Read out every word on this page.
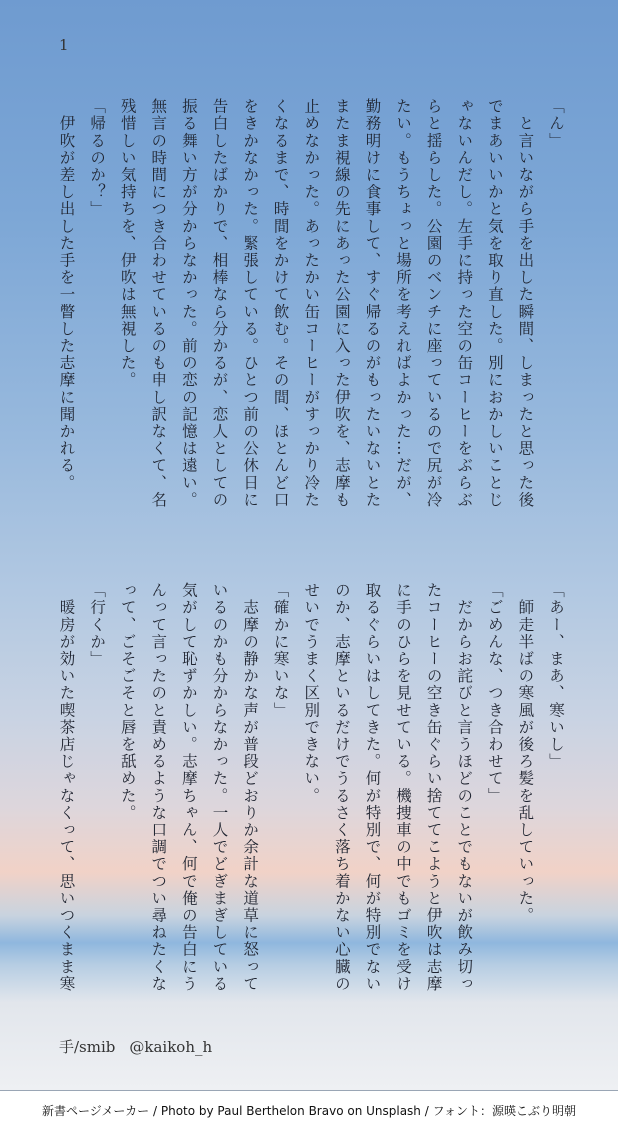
1

「ん」

　と言いながら手を出した瞬間、しまったと思った後

でまあいいかと気を取り直した。別におかしいことじ

ゃないんだし。左手に持った空の缶コーヒーをぶらぶ

らと揺らした。公園のベンチに座っているので尻が冷

たい。もうちょっと場所を考えればよかった…だが、

勤務明けに食事して、すぐ帰るのがもったいないとた

またま視線の先にあった公園に入った伊吹を、志摩も

止めなかった。あったかい缶コーヒーがすっかり冷た

くなるまで、時間をかけて飲む。その間、ほとんど口

をきかなかった。緊張している。ひとつ前の公休日に

告白したばかりで、相棒なら分かるが、恋人としての

振る舞い方が分からなかった。前の恋の記憶は遠い。

無言の時間につき合わせているのも申し訳なくて、名

残惜しい気持ちを、伊吹は無視した。

「帰るのか？」

　伊吹が差し出した手を一瞥した志摩に聞かれる。

「あー、まあ、寒いし」

　師走半ばの寒風が後ろ髪を乱していった。

「ごめんな、つき合わせて」

　だからお詫びと言うほどのことでもないが飲み切っ

たコーヒーの空き缶ぐらい捨ててこようと伊吹は志摩

に手のひらを見せている。機捜車の中でもゴミを受け

取るぐらいはしてきた。何が特別で、何が特別でない

のか、志摩といるだけでうるさく落ち着かない心臓の

せいでうまく区別できない。

「確かに寒いな」

　志摩の静かな声が普段どおりか余計な道草に怒って

いるのかも分からなかった。一人でどぎまぎしている

気がして恥ずかしい。志摩ちゃん、何で俺の告白にう

んって言ったのと責めるような口調でつい尋ねたくな

って、ごそごそと唇を舐めた。

「行くか」

　暖房が効いた喫茶店じゃなくって、思いつくまま寒

手/smib @kaikoh_h
新書ページメーカー / Photo by Paul Berthelon Bravo on Unsplash / フォント：源暎こぶり明朝
